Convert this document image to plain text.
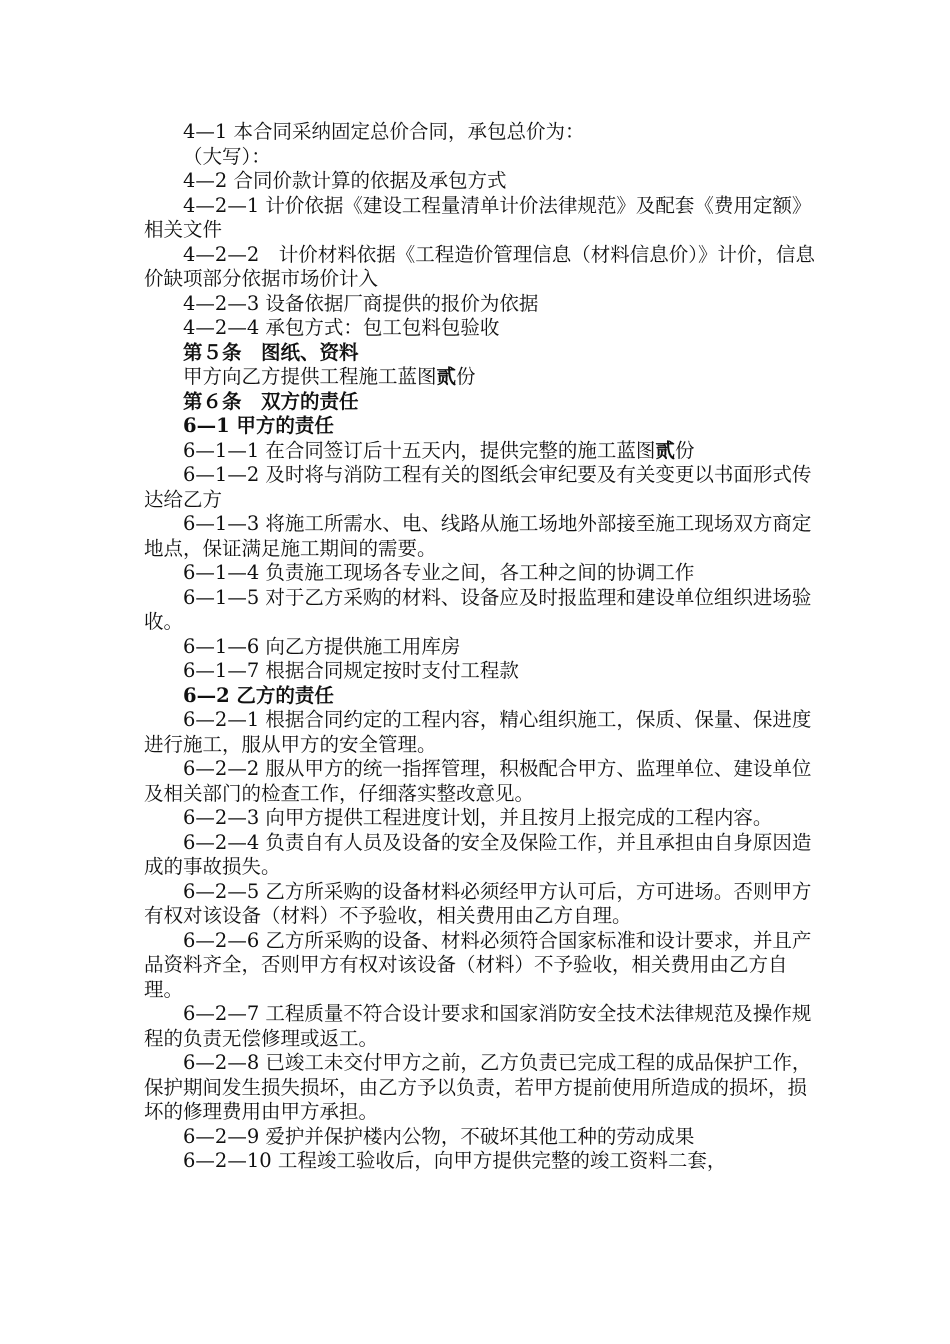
4—1 本合同采纳固定总价合同，承包总价为：

（大写）：

4—2 合同价款计算的依据及承包方式

4—2—1 计价依据《建设工程量清单计价法律规范》及配套《费用定额》相关文件

4—2—2　计价材料依据《工程造价管理信息（材料信息价）》计价，信息价缺项部分依据市场价计入

4—2—3 设备依据厂商提供的报价为依据

4—2—4 承包方式：包工包料包验收

第５条　图纸、资料

甲方向乙方提供工程施工蓝图贰份

第６条　双方的责任

6—1 甲方的责任

6—1—1 在合同签订后十五天内，提供完整的施工蓝图贰份

6—1—2 及时将与消防工程有关的图纸会审纪要及有关变更以书面形式传达给乙方

6—1—3 将施工所需水、电、线路从施工场地外部接至施工现场双方商定地点，保证满足施工期间的需要。

6—1—4 负责施工现场各专业之间，各工种之间的协调工作

6—1—5 对于乙方采购的材料、设备应及时报监理和建设单位组织进场验收。

6—1—6 向乙方提供施工用库房

6—1—7 根据合同规定按时支付工程款

6—2 乙方的责任

6—2—1 根据合同约定的工程内容，精心组织施工，保质、保量、保进度进行施工，服从甲方的安全管理。

6—2—2 服从甲方的统一指挥管理，积极配合甲方、监理单位、建设单位及相关部门的检查工作，仔细落实整改意见。

6—2—3 向甲方提供工程进度计划，并且按月上报完成的工程内容。

6—2—4 负责自有人员及设备的安全及保险工作，并且承担由自身原因造成的事故损失。

6—2—5 乙方所采购的设备材料必须经甲方认可后，方可进场。否则甲方有权对该设备（材料）不予验收，相关费用由乙方自理。

6—2—6 乙方所采购的设备、材料必须符合国家标准和设计要求，并且产品资料齐全，否则甲方有权对该设备（材料）不予验收，相关费用由乙方自理。

6—2—7 工程质量不符合设计要求和国家消防安全技术法律规范及操作规程的负责无偿修理或返工。

6—2—8 已竣工未交付甲方之前，乙方负责已完成工程的成品保护工作，保护期间发生损失损坏，由乙方予以负责，若甲方提前使用所造成的损坏，损坏的修理费用由甲方承担。

6—2—9 爱护并保护楼内公物，不破坏其他工种的劳动成果

6—2—10 工程竣工验收后，向甲方提供完整的竣工资料二套，
